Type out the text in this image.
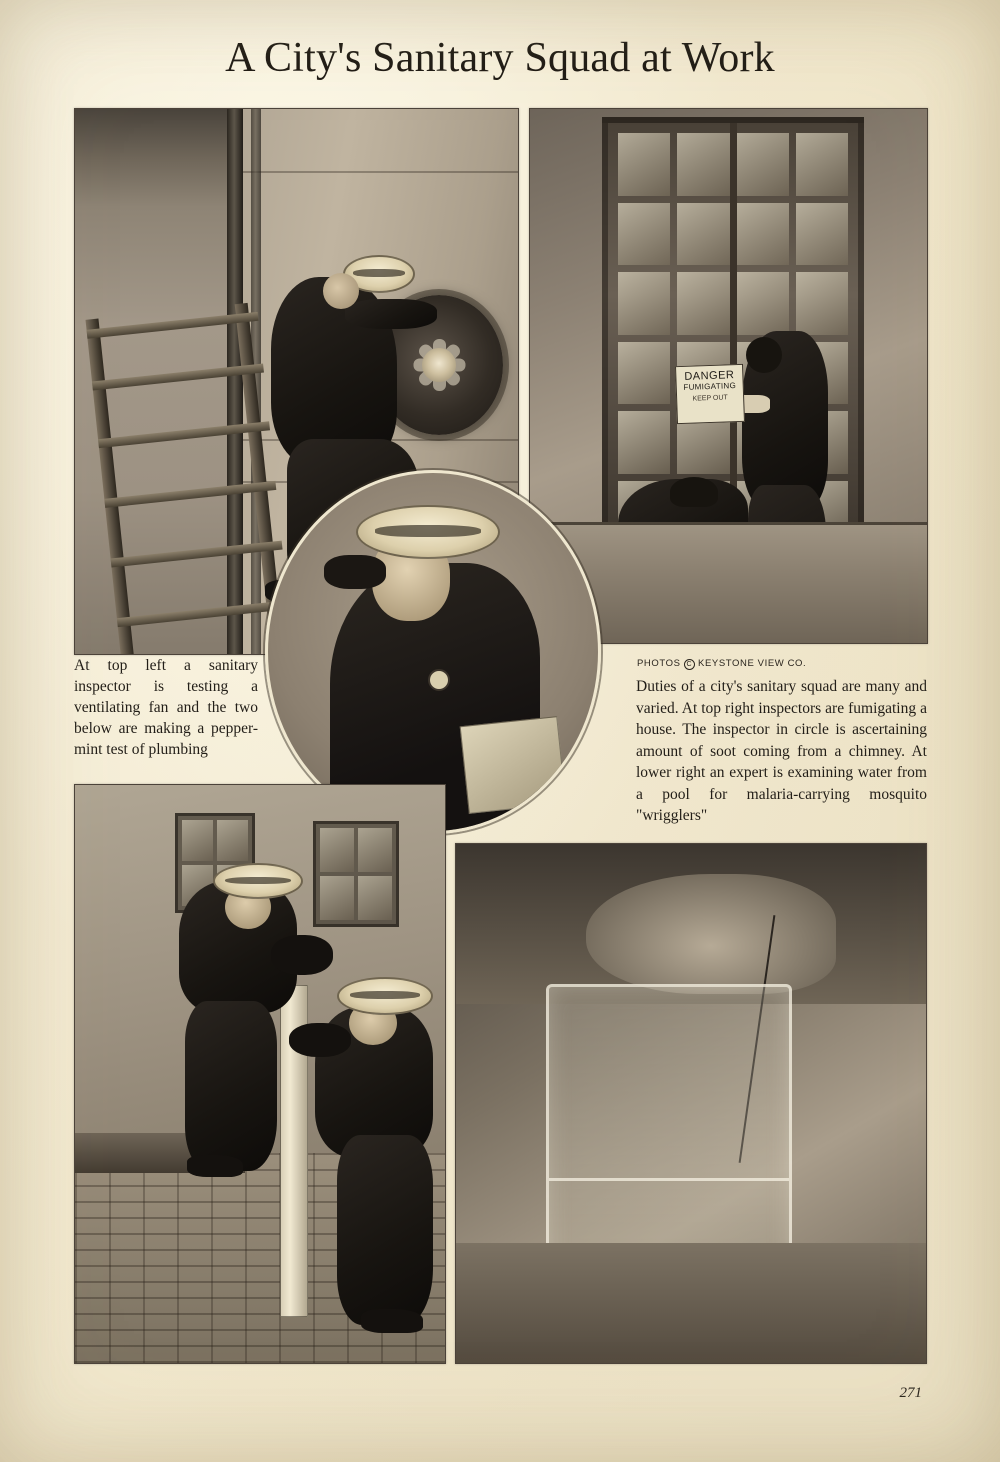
A City's Sanitary Squad at Work
DANGER
FUMIGATING
KEEP OUT
At top left a sanitary inspector is testing a ventilating fan and the two below are making a pepper-mint test of plumbing
PHOTOS C KEYSTONE VIEW CO.
Duties of a city's sanitary squad are many and varied. At top right inspectors are fumigating a house. The inspector in circle is ascertaining amount of soot coming from a chimney. At lower right an expert is examining water from a pool for malaria-carrying mosquito "wrigglers"
271
